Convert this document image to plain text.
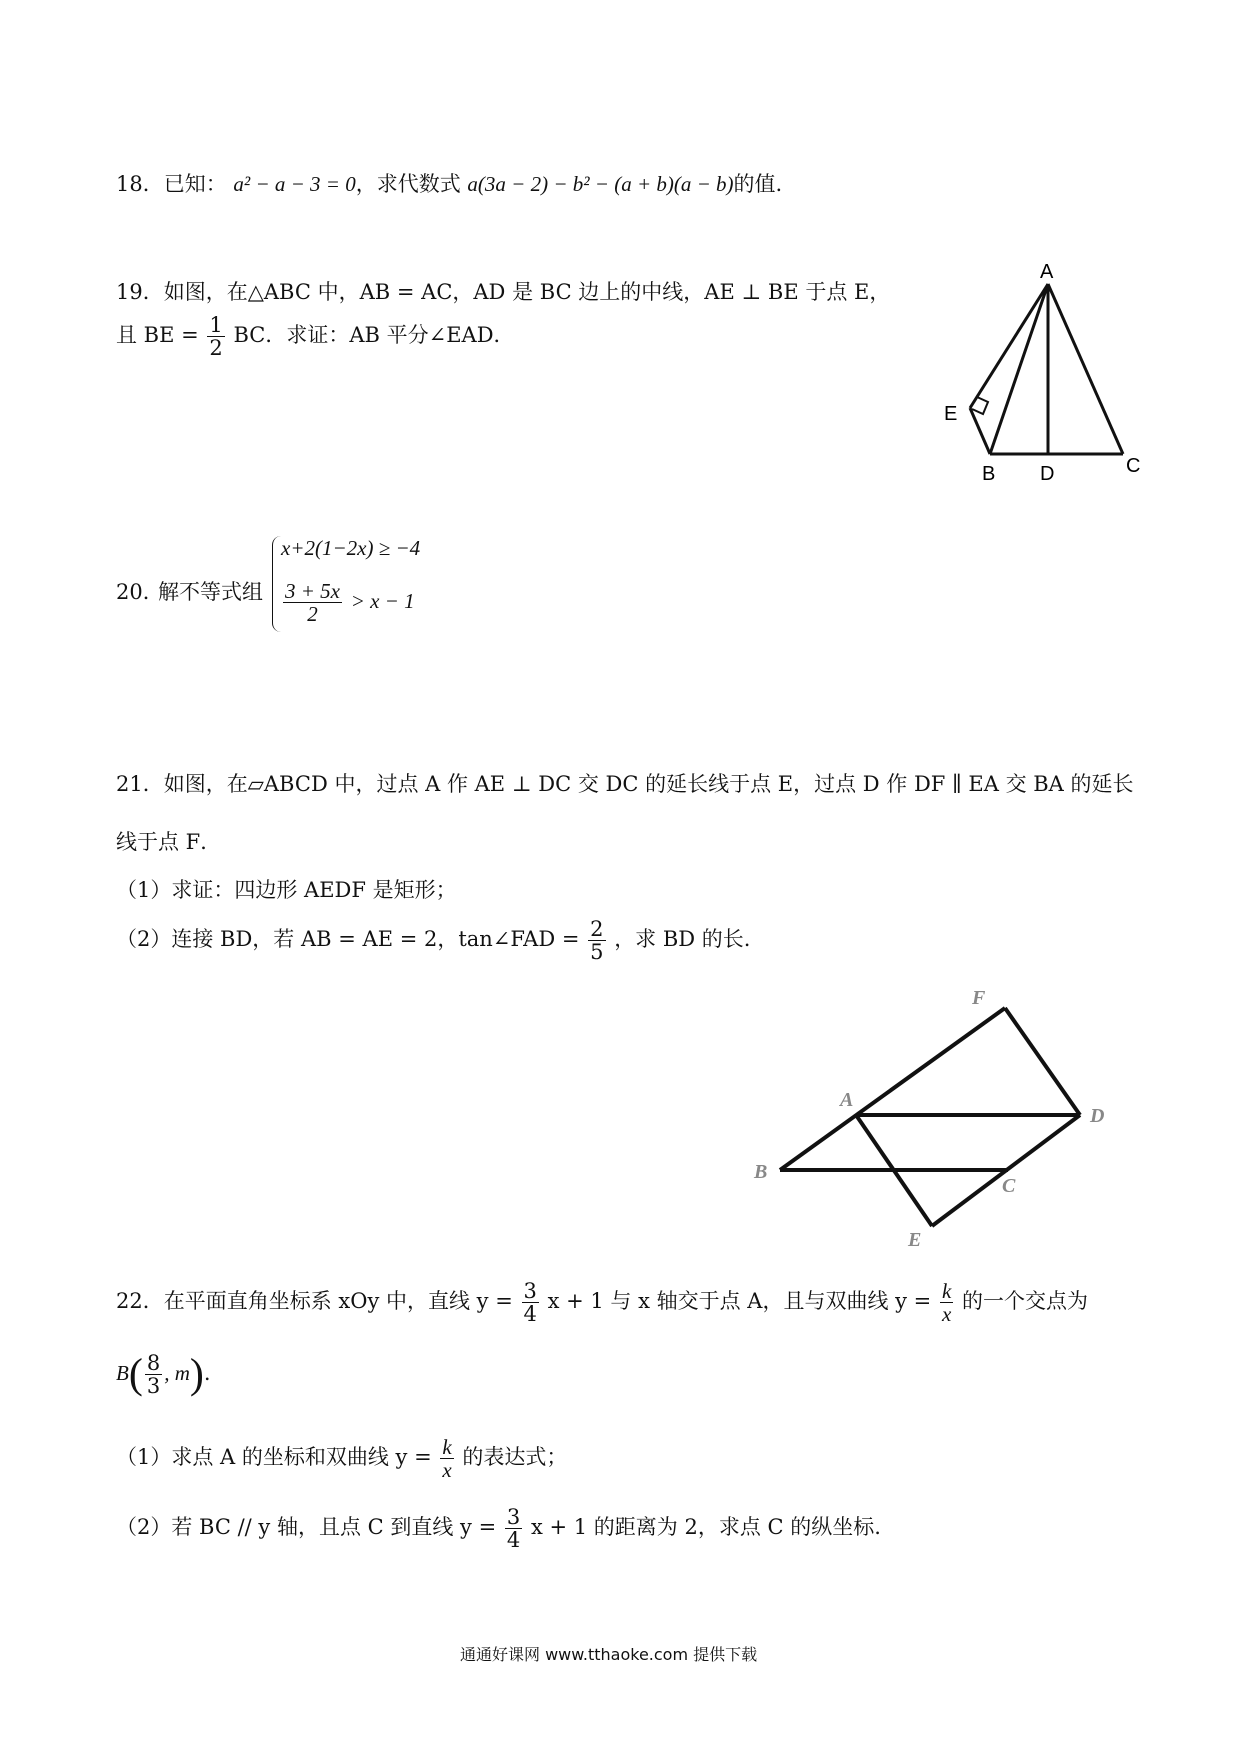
18．已知： a² − a − 3 = 0，求代数式 a(3a − 2) − b² − (a + b)(a − b)的值.
19．如图，在△ABC 中，AB = AC，AD 是 BC 边上的中线，AE ⊥ BE 于点 E，
且 BE = $\frac{1}{2}$ BC．求证：AB 平分∠EAD．
A
E
B D	C
20．
解不等式组
x+2(1−2x) ≥ −4
$\frac{3 + 5x}{2} > x - 1$
21．如图，在▱ABCD 中，过点 A 作 AE ⊥ DC 交 DC 的延长线于点 E，过点 D 作 DF ∥ EA 交 BA 的延长
线于点 F．
（1）求证：四边形 AEDF 是矩形；
（2）连接 BD，若 AB = AE = 2，tan∠FAD = $\frac{2}{5}$ ，求 BD 的长.
F
A
D
B
C
E
22．在平面直角坐标系 xOy 中，直线 $y = \frac{3}{4}$ x + 1 与 x 轴交于点 A，且与双曲线 $y = \frac{k}{x}$ 的一个交点为
$B( \frac{8}{3}$ , m).
（1）求点 A 的坐标和双曲线 $y = \frac{k}{x}$ 的表达式；
（2）若 BC // y 轴，且点 C 到直线 $y = \frac{3}{4}$ x + 1 的距离为 2，求点 C 的纵坐标.
通通好课网 www.tthaoke.com 提供下载
